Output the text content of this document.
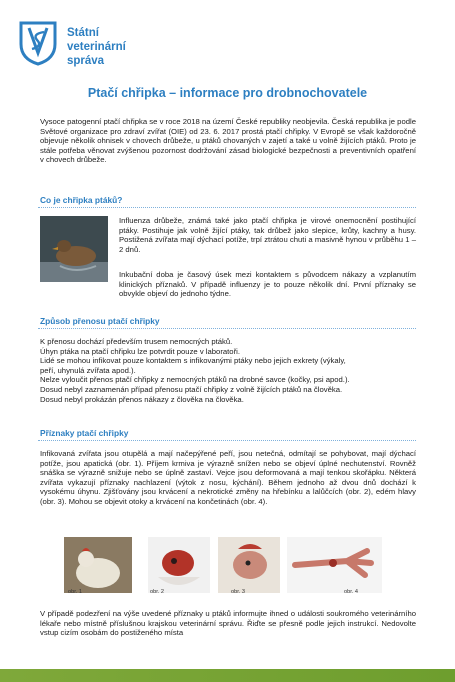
Státní
veterinární
správa
Ptačí chřipka – informace pro drobnochovatele

Vysoce patogenní ptačí chřipka se v roce 2018 na území České republiky neobjevila. Česká republika je podle Světové organizace pro zdraví zvířat (OIE) od 23. 6. 2017 prostá ptačí chřipky. V Evropě se však každoročně objevuje několik ohnisek v chovech drůbeže, u ptáků chovaných v zajetí a také u volně žijících ptáků. Proto je stále potřeba věnovat zvýšenou pozornost dodržování zásad biologické bezpečnosti a preventivních opatření v chovech drůbeže.

Co je chřipka ptáků?

Influenza drůbeže, známá také jako ptačí chřipka je virové onemocnění postihující ptáky. Postihuje jak volně žijící ptáky, tak drůbež jako slepice, krůty, kachny a husy. Postižená zvířata mají dýchací potíže, trpí ztrátou chuti a masivně hynou v průběhu 1 – 2 dnů.

Inkubační doba je časový úsek mezi kontaktem s původcem nákazy a vzplanutím klinických příznaků. V případě influenzy je to pouze několik dní. První příznaky se obvykle objeví do jednoho týdne.

Způsob přenosu ptačí chřipky
K přenosu dochází především trusem nemocných ptáků.
Úhyn ptáka na ptačí chřipku lze potvrdit pouze v laboratoři.
Lidé se mohou infikovat pouze kontaktem s infikovanými ptáky nebo jejich exkrety (výkaly,
peří, uhynulá zvířata apod.).
Nelze vyloučit přenos ptačí chřipky z nemocných ptáků na drobné savce (kočky, psi apod.).
Dosud nebyl zaznamenán případ přenosu ptačí chřipky z volně žijících ptáků na člověka.
Dosud nebyl prokázán přenos nákazy z člověka na člověka.
Příznaky ptačí chřipky

Infikovaná zvířata jsou otupělá a mají načepýřené peří, jsou netečná, odmítají se pohybovat, mají dýchací potíže, jsou apatická (obr. 1). Příjem krmiva je výrazně snížen nebo se objeví úplné nechutenství. Rovněž snáška se výrazně snižuje nebo se úplně zastaví. Vejce jsou deformovaná a mají tenkou skořápku. Některá zvířata vykazují příznaky nachlazení (výtok z nosu, kýchání). Během jednoho až dvou dnů dochází k vysokému úhynu. Zjišťovány jsou krvácení a nekrotické změny na hřebínku a lalůčcích (obr. 2), edém hlavy (obr. 3). Mohou se objevit otoky a krvácení na končetinách (obr. 4).

obr. 1	obr. 2	obr. 3	obr. 4

V případě podezření na výše uvedené příznaky u ptáků informujte ihned o události soukromého veterinárního lékaře nebo místně příslušnou krajskou veterinární správu. Řiďte se přesně podle jejich instrukcí. Nedovolte vstup cizím osobám do postiženého místa
